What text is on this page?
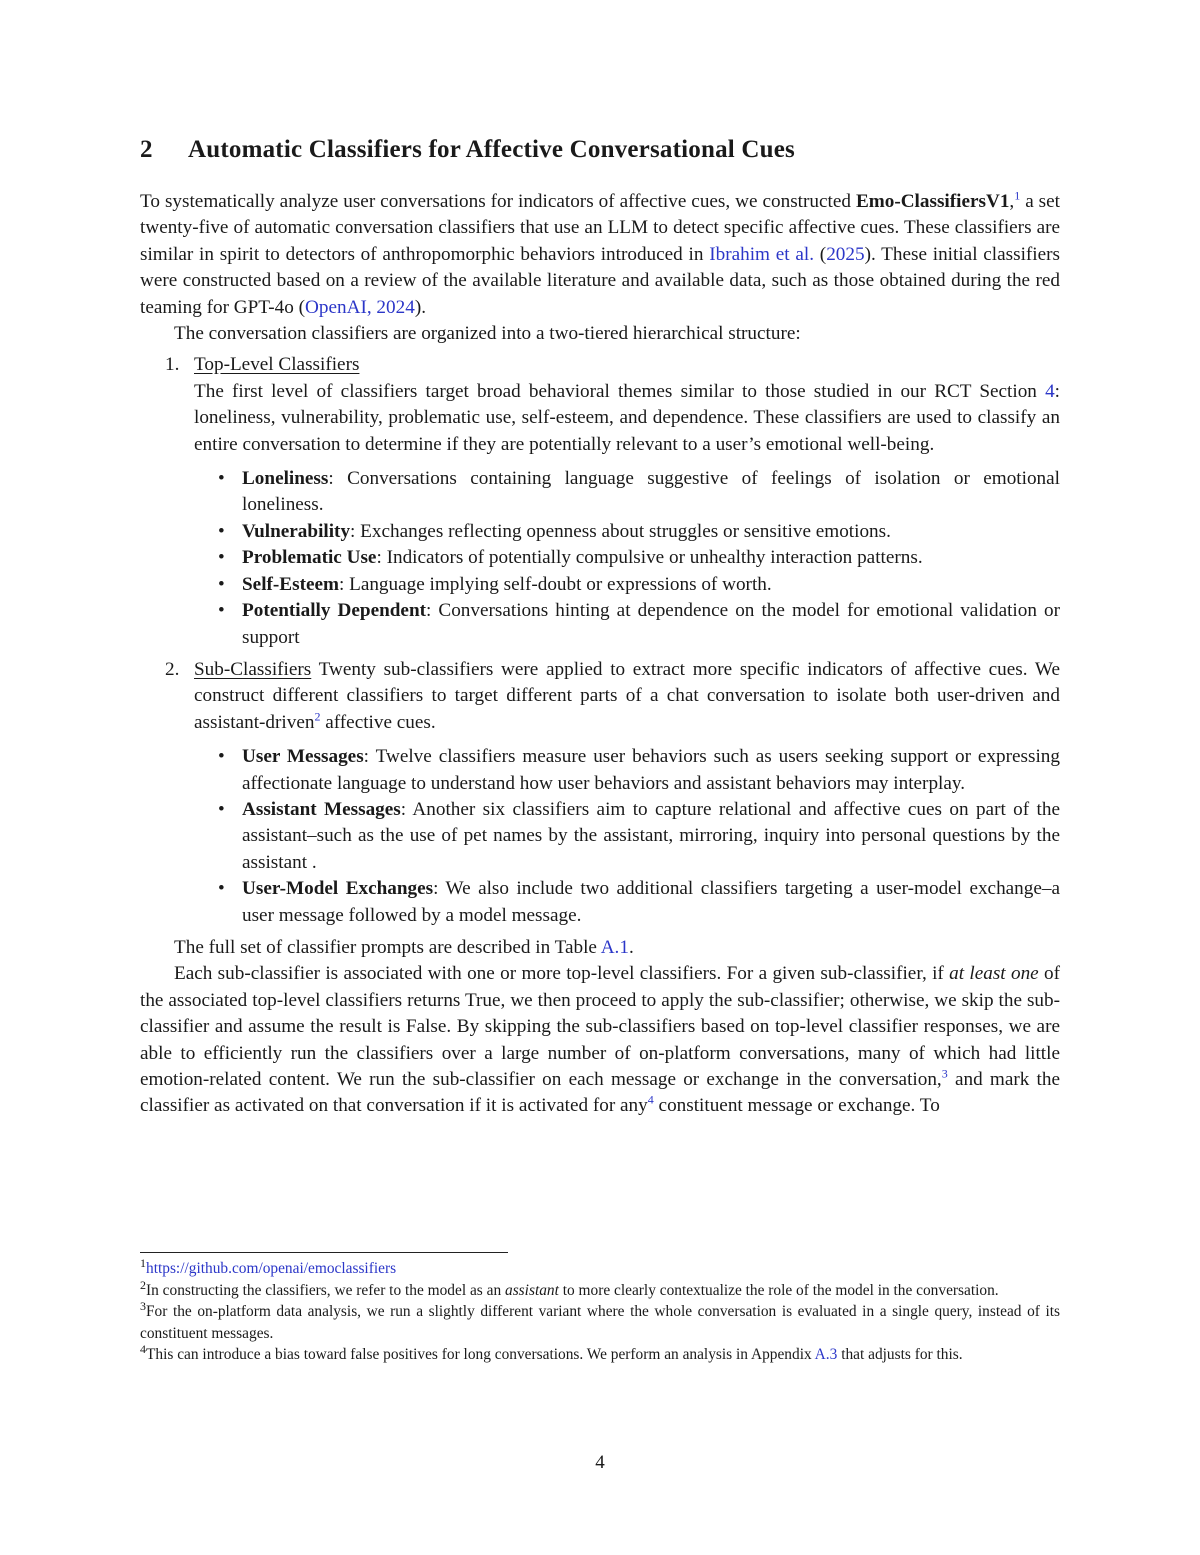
2 Automatic Classifiers for Affective Conversational Cues

To systematically analyze user conversations for indicators of affective cues, we constructed Emo-ClassifiersV1,$^1$ a set twenty-five of automatic conversation classifiers that use an LLM to detect specific affective cues. These classifiers are similar in spirit to detectors of anthropomorphic behaviors introduced in Ibrahim et al. (2025). These initial classifiers were constructed based on a review of the available literature and available data, such as those obtained during the red teaming for GPT-4o (OpenAI, 2024).

The conversation classifiers are organized into a two-tiered hierarchical structure:

1. Top-Level Classifiers
The first level of classifiers target broad behavioral themes similar to those studied in our RCT Section 4: loneliness, vulnerability, problematic use, self-esteem, and dependence. These classifiers are used to classify an entire conversation to determine if they are potentially relevant to a user’s emotional well-being.
• Loneliness: Conversations containing language suggestive of feelings of isolation or emotional loneliness.
• Vulnerability: Exchanges reflecting openness about struggles or sensitive emotions.
• Problematic Use: Indicators of potentially compulsive or unhealthy interaction patterns.
• Self-Esteem: Language implying self-doubt or expressions of worth.
• Potentially Dependent: Conversations hinting at dependence on the model for emotional validation or support
2. Sub-Classifiers Twenty sub-classifiers were applied to extract more specific indicators of affective cues. We construct different classifiers to target different parts of a chat conversation to isolate both user-driven and assistant-driven$^2$ affective cues.
• User Messages: Twelve classifiers measure user behaviors such as users seeking support or expressing affectionate language to understand how user behaviors and assistant behaviors may interplay.
• Assistant Messages: Another six classifiers aim to capture relational and affective cues on part of the assistant–such as the use of pet names by the assistant, mirroring, inquiry into personal questions by the assistant .
• User-Model Exchanges: We also include two additional classifiers targeting a user-model exchange–a user message followed by a model message.

The full set of classifier prompts are described in Table A.1.

Each sub-classifier is associated with one or more top-level classifiers. For a given sub-classifier, if at least one of the associated top-level classifiers returns True, we then proceed to apply the sub-classifier; otherwise, we skip the sub-classifier and assume the result is False. By skipping the sub-classifiers based on top-level classifier responses, we are able to efficiently run the classifiers over a large number of on-platform conversations, many of which had little emotion-related content. We run the sub-classifier on each message or exchange in the conversation,$^3$ and mark the classifier as activated on that conversation if it is activated for any$^4$ constituent message or exchange. To

$^1$https://github.com/openai/emoclassifiers

$^2$In constructing the classifiers, we refer to the model as an assistant to more clearly contextualize the role of the model in the conversation.

$^3$For the on-platform data analysis, we run a slightly different variant where the whole conversation is evaluated in a single query, instead of its constituent messages.

$^4$This can introduce a bias toward false positives for long conversations. We perform an analysis in Appendix A.3 that adjusts for this.

4
